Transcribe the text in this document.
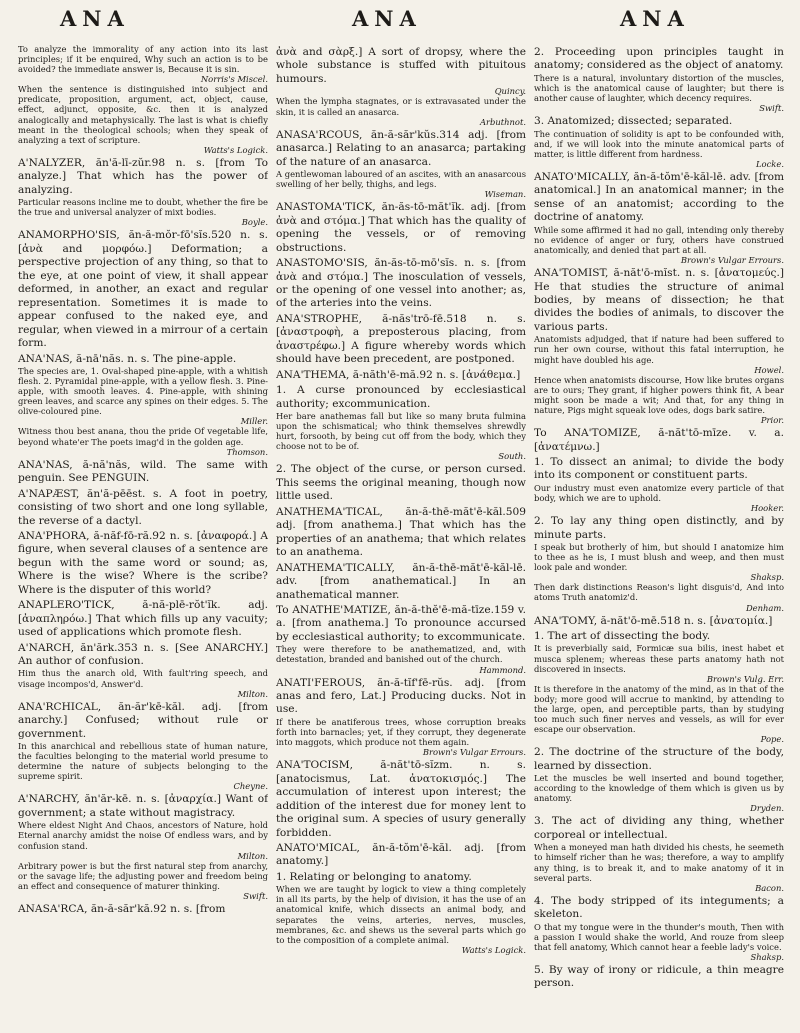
ANA	ANA	ANA

To analyze the immorality of any action into its last principles; if it be enquired, Why such an action is to be avoided? the immediate answer is, Because it is sin.

Norris's Miscel.

When the sentence is distinguished into subject and predicate, proposition, argument, act, object, cause, effect, adjunct, opposite, &c. then it is analyzed analogically and metaphysically. The last is what is chiefly meant in the theological schools; when they speak of analyzing a text of scripture.

Watts's Logick.

A'NALYZER, ăn'ă-lī-zŭr.98 n. s. [from To analyze.] That which has the power of analyzing.

Particular reasons incline me to doubt, whether the fire be the true and universal analyzer of mixt bodies.

Boyle.

ANAMORPHO'SIS, ăn-ă-mŏr-fō'sĭs.520 n. s. [ἀνὰ and μορφόω.] Deformation; a perspective projection of any thing, so that to the eye, at one point of view, it shall appear deformed, in another, an exact and regular representation. Sometimes it is made to appear confused to the naked eye, and regular, when viewed in a mirrour of a certain form.

ANA'NAS, ă-nā'năs. n. s. The pine-apple.

The species are, 1. Oval-shaped pine-apple, with a whitish flesh. 2. Pyramidal pine-apple, with a yellow flesh. 3. Pine-apple, with smooth leaves. 4. Pine-apple, with shining green leaves, and scarce any spines on their edges. 5. The olive-coloured pine.

Miller.

Witness thou best anana, thou the pride Of vegetable life, beyond whate'er The poets imag'd in the golden age.

Thomson.

ANA'NAS, ă-nă'năs, wild. The same with penguin. See PENGUIN.

A'NAPÆST, ăn'ă-pēēst. s. A foot in poetry, consisting of two short and one long syllable, the reverse of a dactyl.

ANA'PHORA, ă-năf-fō-ră.92 n. s. [ἀναφορά.] A figure, when several clauses of a sentence are begun with the same word or sound; as, Where is the wise? Where is the scribe? Where is the disputer of this world?

ANAPLERO'TICK, ă-nă-plē-rŏt'ĭk. adj. [ἀναπληρόω.] That which fills up any vacuity; used of applications which promote flesh.

A'NARCH, ăn'ărk.353 n. s. [See ANARCHY.] An author of confusion.

Him thus the anarch old, With fault'ring speech, and visage incompos'd, Answer'd.

Milton.

ANA'RCHICAL, ăn-ăr'kē-kăl. adj. [from anarchy.] Confused; without rule or government.

In this anarchical and rebellious state of human nature, the faculties belonging to the material world presume to determine the nature of subjects belonging to the supreme spirit.

Cheyne.

A'NARCHY, ăn'ăr-kē. n. s. [ἀναρχία.] Want of government; a state without magistracy.

Where eldest Night And Chaos, ancestors of Nature, hold Eternal anarchy amidst the noise Of endless wars, and by confusion stand.

Milton.

Arbitrary power is but the first natural step from anarchy, or the savage life; the adjusting power and freedom being an effect and consequence of maturer thinking.

Swift.

ANASA'RCA, ăn-ă-săr'kă.92 n. s. [from

ἀνὰ and σὰρξ.] A sort of dropsy, where the whole substance is stuffed with pituitous humours.

Quincy.

When the lympha stagnates, or is extravasated under the skin, it is called an anasarca.

Arbuthnot.

ANASA'RCOUS, ăn-ă-săr'kŭs.314 adj. [from anasarca.] Relating to an anasarca; partaking of the nature of an anasarca.

A gentlewoman laboured of an ascites, with an anasarcous swelling of her belly, thighs, and legs.

Wiseman.

ANASTOMA'TICK, ăn-ăs-tō-măt'ĭk. adj. [from ἀνὰ and στόμα.] That which has the quality of opening the vessels, or of removing obstructions.

ANASTOMO'SIS, ăn-ăs-tō-mō'sĭs. n. s. [from ἀνὰ and στόμα.] The inosculation of vessels, or the opening of one vessel into another; as, of the arteries into the veins.

ANA'STROPHE, ă-năs'trō-fē.518 n. s. [ἀναστροφὴ, a preposterous placing, from ἀναστρέφω.] A figure whereby words which should have been precedent, are postponed.

ANA'THEMA, ă-năth'ē-mă.92 n. s. [ἀνάθεμα.]

1. A curse pronounced by ecclesiastical authority; excommunication.

Her bare anathemas fall but like so many bruta fulmina upon the schismatical; who think themselves shrewdly hurt, forsooth, by being cut off from the body, which they choose not to be of.

South.

2. The object of the curse, or person cursed. This seems the original meaning, though now little used.

ANATHEMA'TICAL, ăn-ă-thē-măt'ē-kăl.509 adj. [from anathema.] That which has the properties of an anathema; that which relates to an anathema.

ANATHEMA'TICALLY, ăn-ă-thē-măt'ē-kăl-lē. adv. [from anathematical.] In an anathematical manner.

To ANATHE'MATIZE, ăn-ă-thĕ'ē-mă-tīze.159 v. a. [from anathema.] To pronounce accursed by ecclesiastical authority; to excommunicate.

They were therefore to be anathematized, and, with detestation, branded and banished out of the church.

Hammond.

ANATI'FEROUS, ăn-ă-tĭf'fē-rŭs. adj. [from anas and fero, Lat.] Producing ducks. Not in use.

If there be anatiferous trees, whose corruption breaks forth into barnacles; yet, if they corrupt, they degenerate into maggots, which produce not them again.

Brown's Vulgar Errours.

ANA'TOCISM, ă-năt'tō-sĭzm. n. s. [anatocismus, Lat. ἀνατοκισμός.] The accumulation of interest upon interest; the addition of the interest due for money lent to the original sum. A species of usury generally forbidden.

ANATO'MICAL, ăn-ă-tŏm'ē-kăl. adj. [from anatomy.]

1. Relating or belonging to anatomy.

When we are taught by logick to view a thing completely in all its parts, by the help of division, it has the use of an anatomical knife, which dissects an animal body, and separates the veins, arteries, nerves, muscles, membranes, &c. and shews us the several parts which go to the composition of a complete animal.

Watts's Logick.

2. Proceeding upon principles taught in anatomy; considered as the object of anatomy.

There is a natural, involuntary distortion of the muscles, which is the anatomical cause of laughter; but there is another cause of laughter, which decency requires.

Swift.

3. Anatomized; dissected; separated.

The continuation of solidity is apt to be confounded with, and, if we will look into the minute anatomical parts of matter, is little different from hardness.

Locke.

ANATO'MICALLY, ăn-ă-tŏm'ē-kăl-lē. adv. [from anatomical.] In an anatomical manner; in the sense of an anatomist; according to the doctrine of anatomy.

While some affirmed it had no gall, intending only thereby no evidence of anger or fury, others have construed anatomically, and denied that part at all.

Brown's Vulgar Errours.

ANA'TOMIST, ă-năt'ō-mĭst. n. s. [ἀνατομεύς.] He that studies the structure of animal bodies, by means of dissection; he that divides the bodies of animals, to discover the various parts.

Anatomists adjudged, that if nature had been suffered to run her own course, without this fatal interruption, he might have doubled his age.

Howel.

Hence when anatomists discourse, How like brutes organs are to ours; They grant, if higher powers think fit, A bear might soon be made a wit; And that, for any thing in nature, Pigs might squeak love odes, dogs bark satire.

Prior.

To ANA'TOMIZE, ă-năt'tō-mīze. v. a. [ἀνατέμνω.]

1. To dissect an animal; to divide the body into its component or constituent parts.

Our industry must even anatomize every particle of that body, which we are to uphold.

Hooker.

2. To lay any thing open distinctly, and by minute parts.

I speak but brotherly of him, but should I anatomize him to thee as he is, I must blush and weep, and then must look pale and wonder.

Shaksp.

Then dark distinctions Reason's light disguis'd, And into atoms Truth anatomiz'd.

Denham.

ANA'TOMY, ă-năt'ō-mē.518 n. s. [ἀνατομία.]

1. The art of dissecting the body.

It is preverbially said, Formicæ sua bilis, inest habet et musca splenem; whereas these parts anatomy hath not discovered in insects.

Brown's Vulg. Err.

It is therefore in the anatomy of the mind, as in that of the body; more good will accrue to mankind, by attending to the large, open, and perceptible parts, than by studying too much such finer nerves and vessels, as will for ever escape our observation.

Pope.

2. The doctrine of the structure of the body, learned by dissection.

Let the muscles be well inserted and bound together, according to the knowledge of them which is given us by anatomy.

Dryden.

3. The act of dividing any thing, whether corporeal or intellectual.

When a moneyed man hath divided his chests, he seemeth to himself richer than he was; therefore, a way to amplify any thing, is to break it, and to make anatomy of it in several parts.

Bacon.

4. The body stripped of its integuments; a skeleton.

O that my tongue were in the thunder's mouth, Then with a passion I would shake the world, And rouze from sleep that fell anatomy, Which cannot hear a feeble lady's voice.

Shaksp.

5. By way of irony or ridicule, a thin meagre person.
